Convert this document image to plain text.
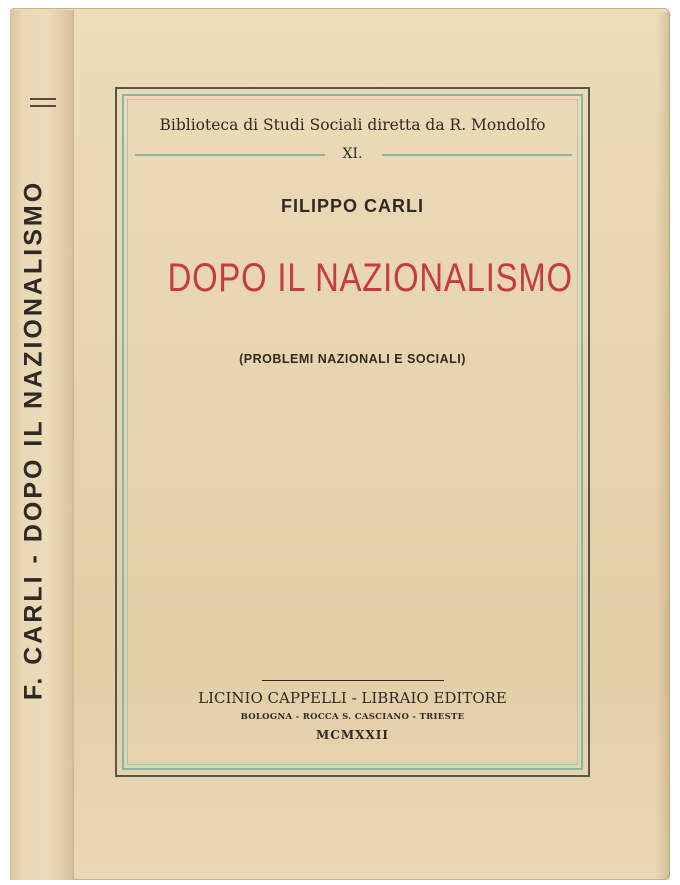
F. CARLI - DOPO IL NAZIONALISMO
Biblioteca di Studi Sociali diretta da R. Mondolfo
XI.
FILIPPO CARLI
DOPO IL NAZIONALISMO
(PROBLEMI NAZIONALI E SOCIALI)
LICINIO CAPPELLI - LIBRAIO EDITORE
BOLOGNA - ROCCA S. CASCIANO - TRIESTE
MCMXXII
